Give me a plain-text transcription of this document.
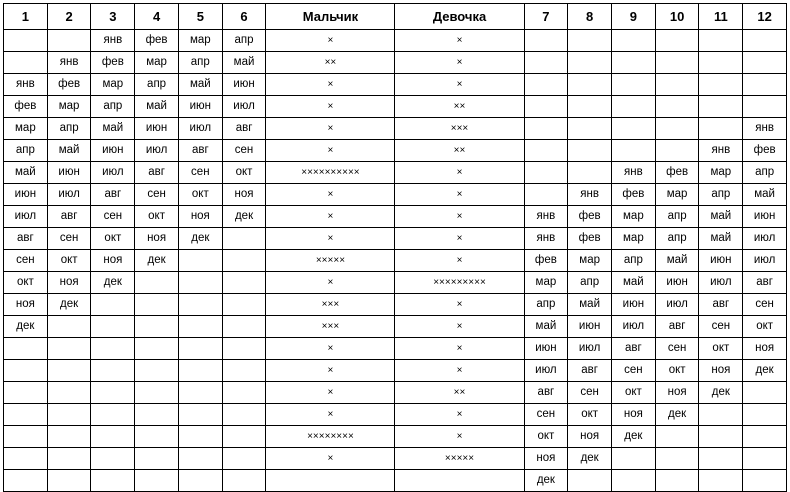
1	2	3	4	5	6	Мальчик	Девочка	7	8	9	10	11	12
		янв	фев	мар	апр	×	×						
	янв	фев	мар	апр	май	××	×						
янв	фев	мар	апр	май	июн	×	×						
фев	мар	апр	май	июн	июл	×	××						
мар	апр	май	июн	июл	авг	×	×××						янв
апр	май	июн	июл	авг	сен	×	××					янв	фев
май	июн	июл	авг	сен	окт	××××××××××	×			янв	фев	мар	апр
июн	июл	авг	сен	окт	ноя	×	×		янв	фев	мар	апр	май
июл	авг	сен	окт	ноя	дек	×	×	янв	фев	мар	апр	май	июн
авг	сен	окт	ноя	дек		×	×	янв	фев	мар	апр	май	июл
сен	окт	ноя	дек			×××××	×	фев	мар	апр	май	июн	июл
окт	ноя	дек				×	×××××××××	мар	апр	май	июн	июл	авг
ноя	дек					×××	×	апр	май	июн	июл	авг	сен
дек						×××	×	май	июн	июл	авг	сен	окт
						×	×	июн	июл	авг	сен	окт	ноя
						×	×	июл	авг	сен	окт	ноя	дек
						×	××	авг	сен	окт	ноя	дек	
						×	×	сен	окт	ноя	дек		
						××××××××	×	окт	ноя	дек			
						×	×××××	ноя	дек				
								дек					
